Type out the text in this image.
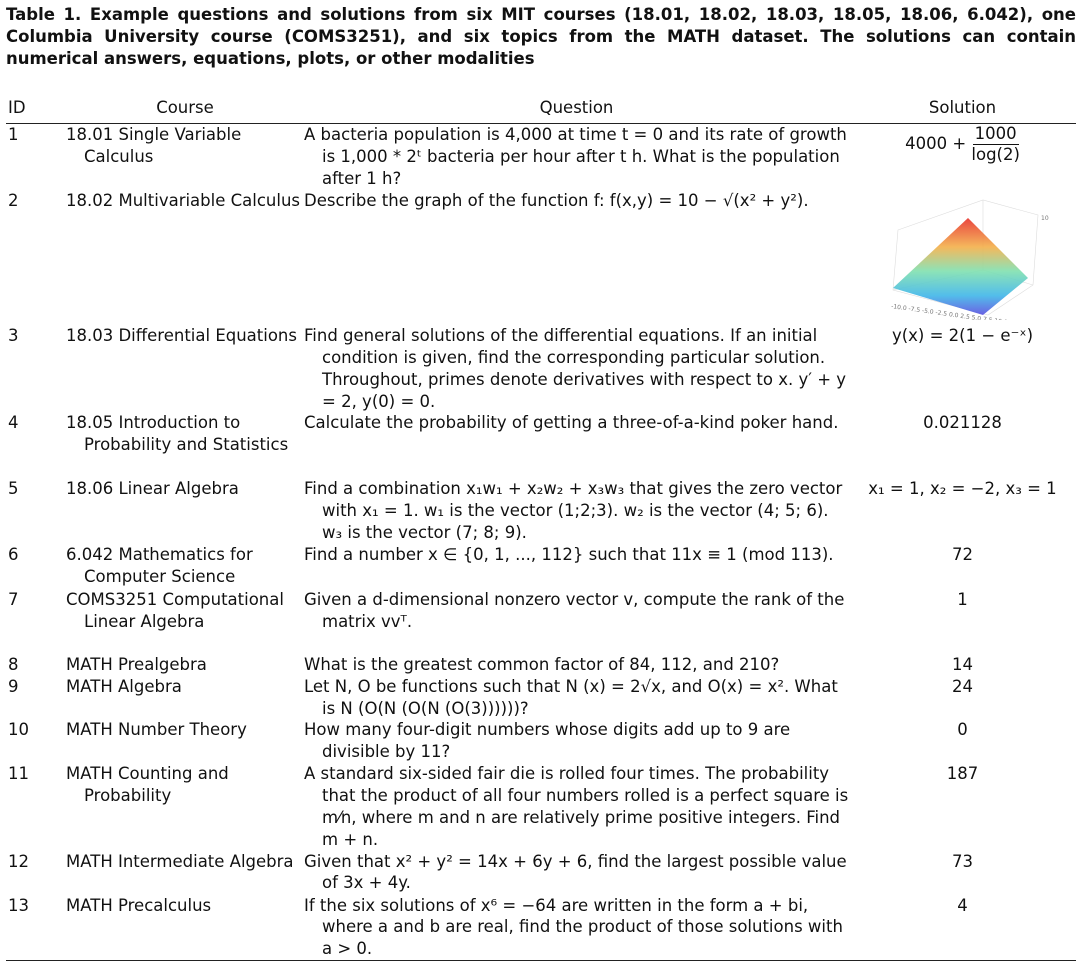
Table 1. Example questions and solutions from six MIT courses (18.01, 18.02, 18.03, 18.05, 18.06, 6.042), one Columbia University course (COMS3251), and six topics from the MATH dataset. The solutions can contain numerical answers, equations, plots, or other modalities
ID	Course	Question	Solution
1	18.01 Single Variable Calculus	A bacteria population is 4,000 at time t = 0 and its rate of growth is 1,000 * 2ᵗ bacteria per hour after t h. What is the population after 1 h?	$4000 + \frac{1000}{\log(2)}$

2	18.02 Multivariable Calculus	Describe the graph of the function f: f(x,y) = 10 − √(x² + y²).	-10.0 -7.5 -5.0 -2.5 0.0 2.5 5.0 7.5 10.0
10

3	18.03 Differential Equations	Find general solutions of the differential equations. If an initial condition is given, find the corresponding particular solution. Throughout, primes denote derivatives with respect to x. y′ + y = 2, y(0) = 0.	y(x) = 2(1 − e⁻ˣ)
4	18.05 Introduction to Probability and Statistics	Calculate the probability of getting a three-of-a-kind poker hand.	0.021128
5	18.06 Linear Algebra	Find a combination x₁w₁ + x₂w₂ + x₃w₃ that gives the zero vector with x₁ = 1. w₁ is the vector (1;2;3). w₂ is the vector (4; 5; 6). w₃ is the vector (7; 8; 9).	x₁ = 1, x₂ = −2, x₃ = 1
6	6.042 Mathematics for Computer Science	Find a number x ∈ {0, 1, ..., 112} such that 11x ≡ 1 (mod 113).	72
7	COMS3251 Computational Linear Algebra	Given a d-dimensional nonzero vector v, compute the rank of the matrix vvᵀ.	1
8	MATH Prealgebra	What is the greatest common factor of 84, 112, and 210?	14
9	MATH Algebra	Let N, O be functions such that N (x) = 2√x, and O(x) = x². What is N (O(N (O(N (O(3))))))?	24
10	MATH Number Theory	How many four-digit numbers whose digits add up to 9 are divisible by 11?	0
11	MATH Counting and Probability	A standard six-sided fair die is rolled four times. The probability that the product of all four numbers rolled is a perfect square is m⁄n, where m and n are relatively prime positive integers. Find m + n.	187
12	MATH Intermediate Algebra	Given that x² + y² = 14x + 6y + 6, find the largest possible value of 3x + 4y.	73
13	MATH Precalculus	If the six solutions of x⁶ = −64 are written in the form a + bi, where a and b are real, find the product of those solutions with a > 0.	4
